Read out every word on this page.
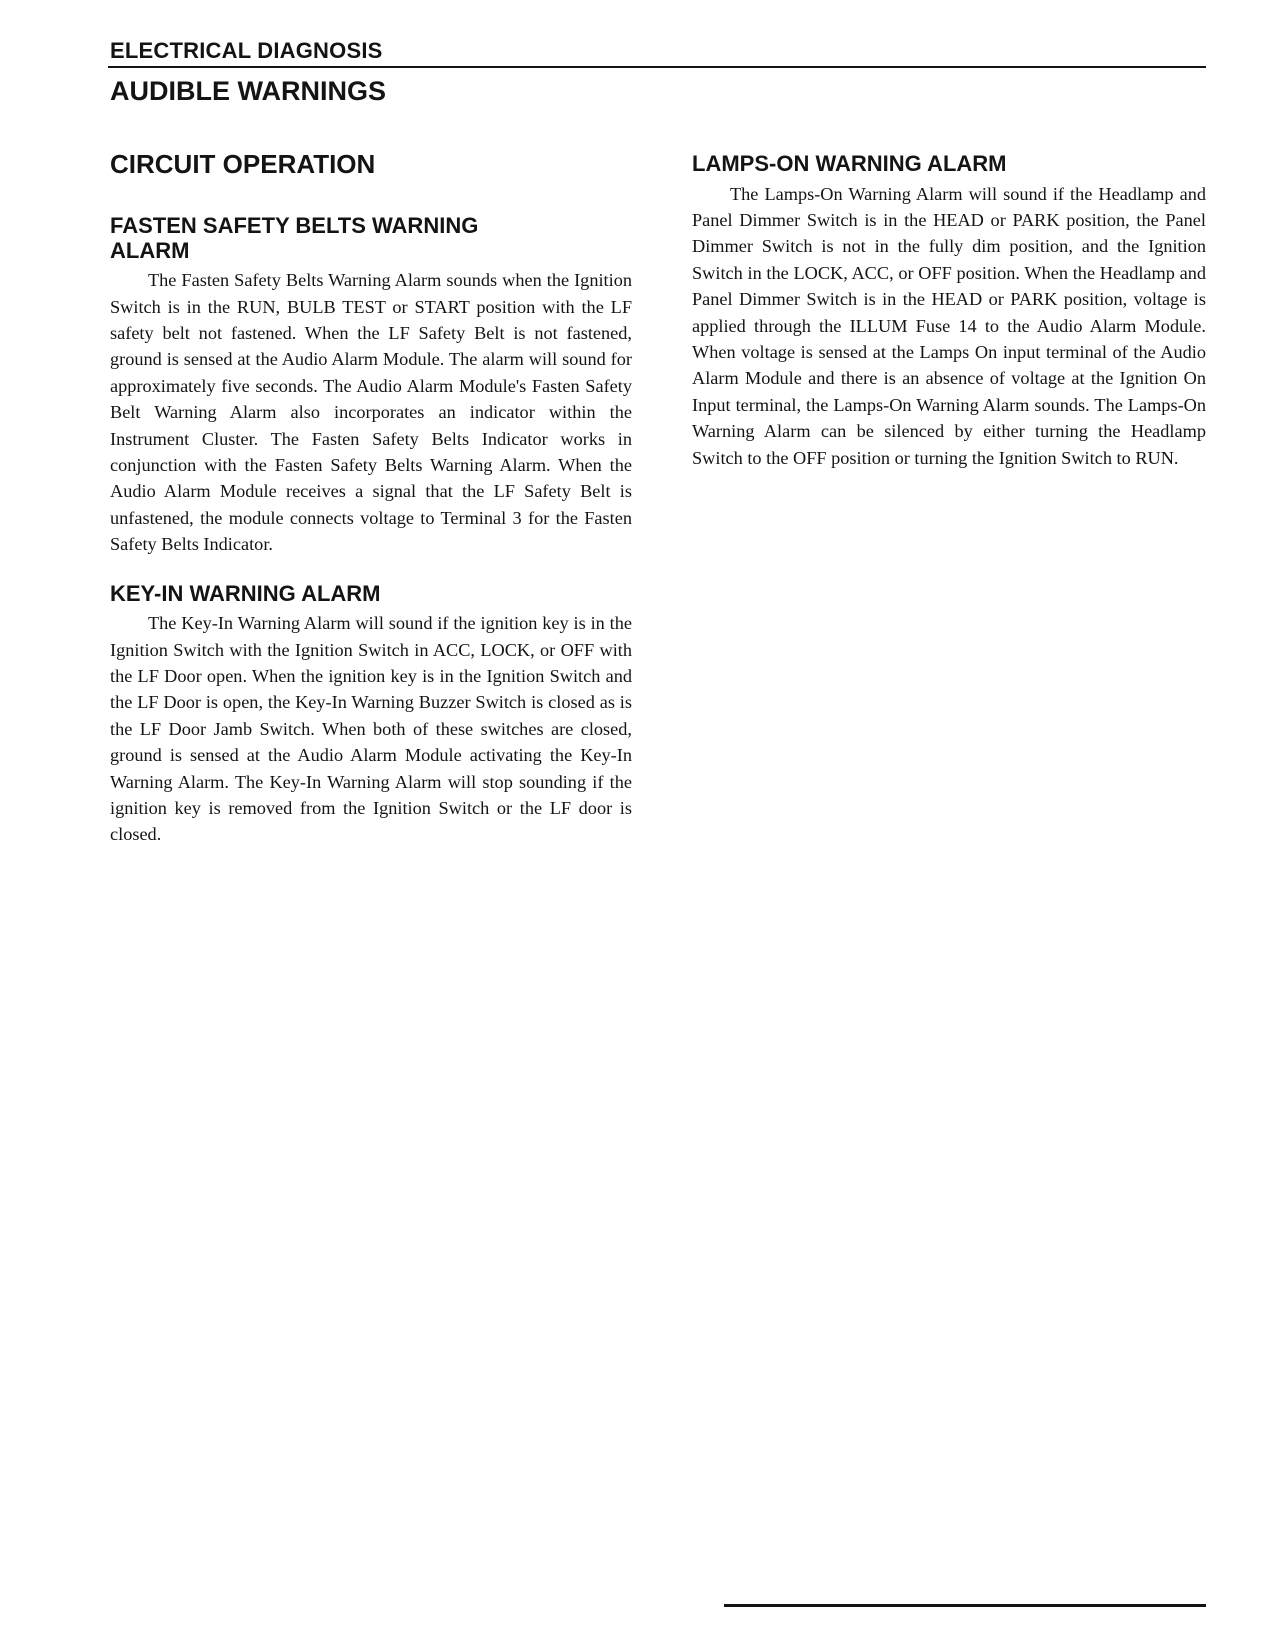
ELECTRICAL DIAGNOSIS
AUDIBLE WARNINGS
CIRCUIT OPERATION
FASTEN SAFETY BELTS WARNING ALARM

The Fasten Safety Belts Warning Alarm sounds when the Ignition Switch is in the RUN, BULB TEST or START position with the LF safety belt not fastened. When the LF Safety Belt is not fastened, ground is sensed at the Audio Alarm Module. The alarm will sound for approximately five seconds. The Audio Alarm Module's Fasten Safety Belt Warning Alarm also incorporates an indicator within the Instrument Cluster. The Fasten Safety Belts Indicator works in conjunction with the Fasten Safety Belts Warning Alarm. When the Audio Alarm Module receives a signal that the LF Safety Belt is unfastened, the module connects voltage to Terminal 3 for the Fasten Safety Belts Indicator.

KEY-IN WARNING ALARM

The Key-In Warning Alarm will sound if the ignition key is in the Ignition Switch with the Ignition Switch in ACC, LOCK, or OFF with the LF Door open. When the ignition key is in the Ignition Switch and the LF Door is open, the Key-In Warning Buzzer Switch is closed as is the LF Door Jamb Switch. When both of these switches are closed, ground is sensed at the Audio Alarm Module activating the Key-In Warning Alarm. The Key-In Warning Alarm will stop sounding if the ignition key is removed from the Ignition Switch or the LF door is closed.

LAMPS-ON WARNING ALARM

The Lamps-On Warning Alarm will sound if the Headlamp and Panel Dimmer Switch is in the HEAD or PARK position, the Panel Dimmer Switch is not in the fully dim position, and the Ignition Switch in the LOCK, ACC, or OFF position. When the Headlamp and Panel Dimmer Switch is in the HEAD or PARK position, voltage is applied through the ILLUM Fuse 14 to the Audio Alarm Module. When voltage is sensed at the Lamps On input terminal of the Audio Alarm Module and there is an absence of voltage at the Ignition On Input terminal, the Lamps-On Warning Alarm sounds. The Lamps-On Warning Alarm can be silenced by either turning the Headlamp Switch to the OFF position or turning the Ignition Switch to RUN.
